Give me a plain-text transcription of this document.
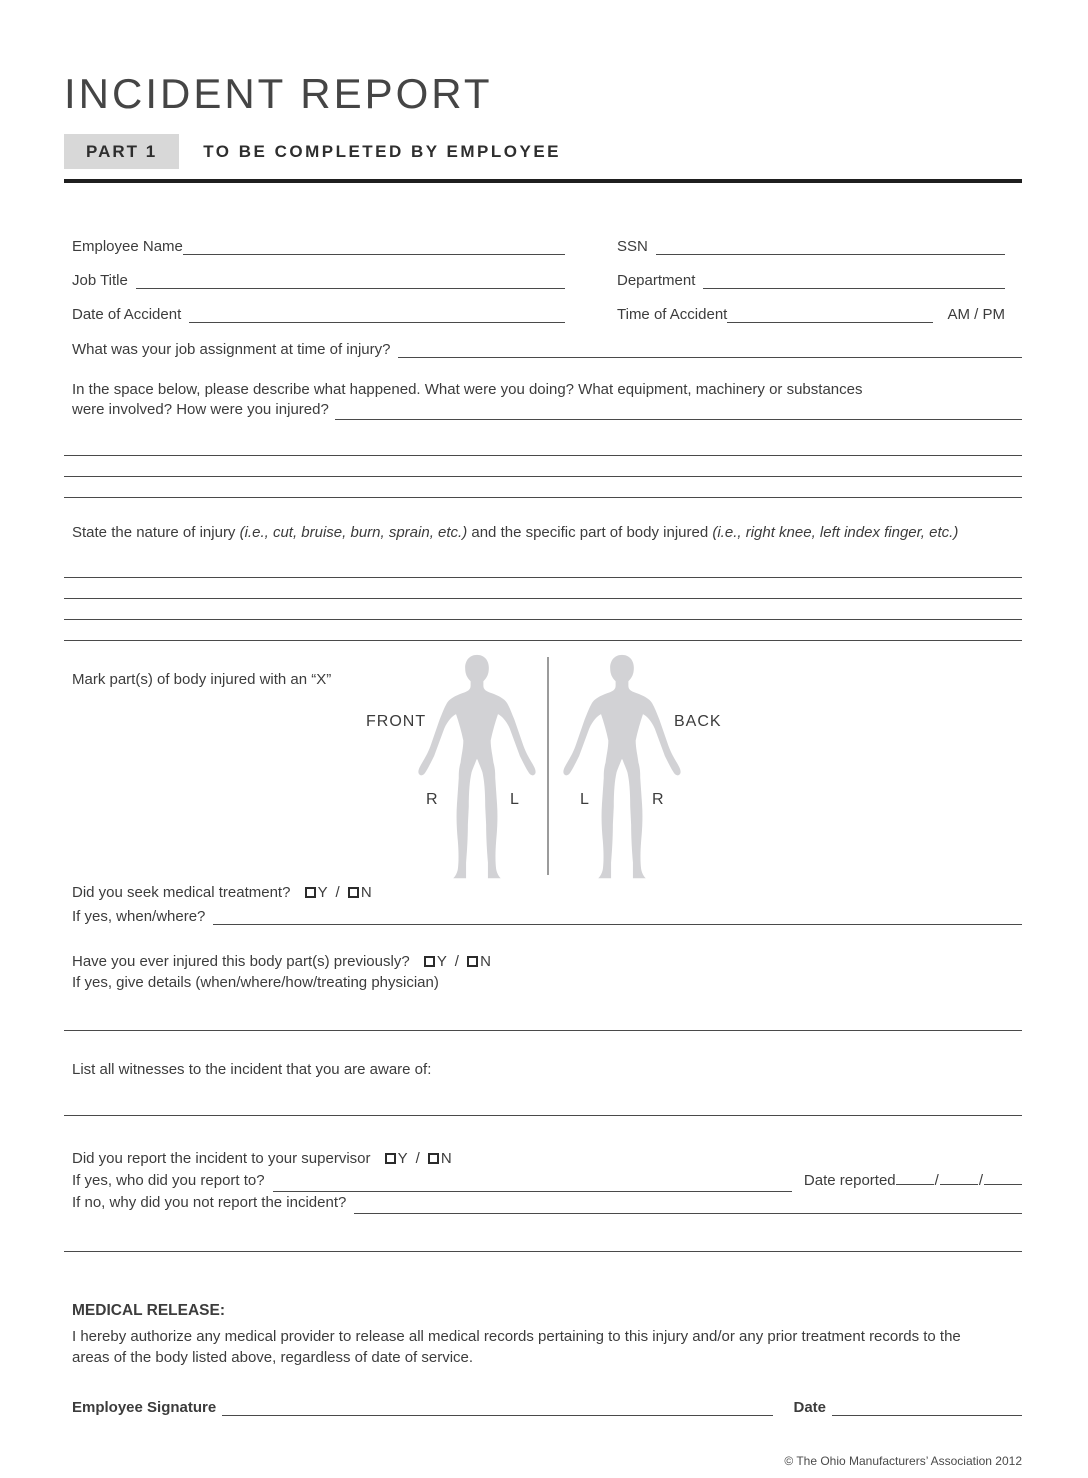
INCIDENT REPORT
PART 1	TO BE COMPLETED BY EMPLOYEE
Employee Name	SSN
Job Title	Department
Date of Accident	Time of Accident	AM / PM
What was your job assignment at time of injury?
In the space below, please describe what happened. What were you doing? What equipment, machinery or substances
were involved? How were you injured?
State the nature of injury (i.e., cut, bruise, burn, sprain, etc.) and the specific part of body injured (i.e., right knee, left index finger, etc.)
Mark part(s) of body injured with an “X”
FRONT	BACK
R	L	L	R
Did you seek medical treatment? Y / N
If yes, when/where?
Have you ever injured this body part(s) previously? Y / N
If yes, give details (when/where/how/treating physician)
List all witnesses to the incident that you are aware of:
Did you report the incident to your supervisor Y / N
If yes, who did you report to?	Date reported	/	/
If no, why did you not report the incident?
MEDICAL RELEASE:
I hereby authorize any medical provider to release all medical records pertaining to this injury and/or any prior treatment records to the areas of the body listed above, regardless of date of service.
Employee Signature	Date
© The Ohio Manufacturers’ Association 2012
